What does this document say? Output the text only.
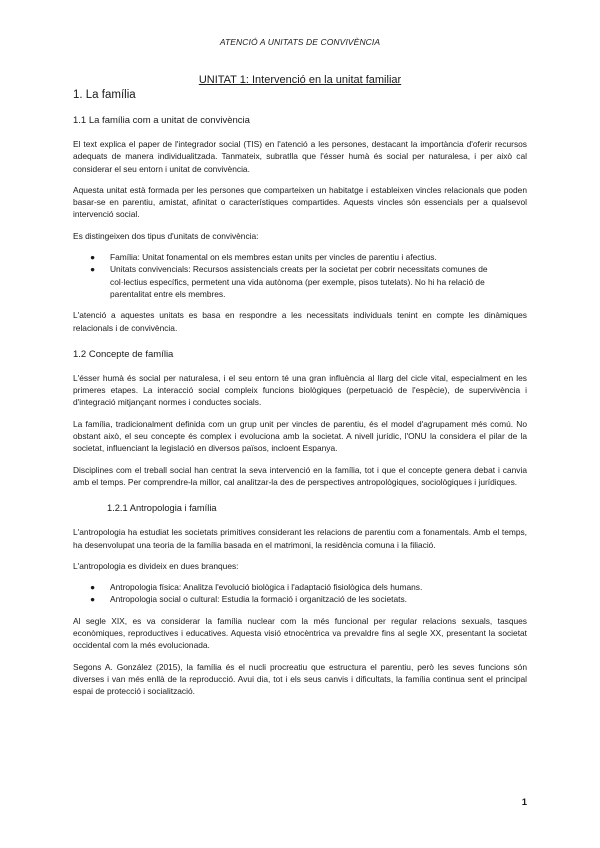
ATENCIÓ A UNITATS DE CONVIVÈNCIA
UNITAT 1: Intervenció en la unitat familiar
1. La família
1.1 La família com a unitat de convivència

El text explica el paper de l'integrador social (TIS) en l'atenció a les persones, destacant la importància d'oferir recursos adequats de manera individualitzada. Tanmateix, subratlla que l'ésser humà és social per naturalesa, i per això cal considerar el seu entorn i unitat de convivència.

Aquesta unitat està formada per les persones que comparteixen un habitatge i estableixen vincles relacionals que poden basar-se en parentiu, amistat, afinitat o característiques compartides. Aquests vincles són essencials per a qualsevol intervenció social.

Es distingeixen dos tipus d'unitats de convivència:

● Família: Unitat fonamental on els membres estan units per vincles de parentiu i afectius.
● Unitats convivencials: Recursos assistencials creats per la societat per cobrir necessitats comunes de col·lectius específics, permetent una vida autònoma (per exemple, pisos tutelats). No hi ha relació de parentalitat entre els membres.

L'atenció a aquestes unitats es basa en respondre a les necessitats individuals tenint en compte les dinàmiques relacionals i de convivència.

1.2 Concepte de família

L'ésser humà és social per naturalesa, i el seu entorn té una gran influència al llarg del cicle vital, especialment en les primeres etapes. La interacció social compleix funcions biològiques (perpetuació de l'espècie), de supervivència i d'integració mitjançant normes i conductes socials.

La família, tradicionalment definida com un grup unit per vincles de parentiu, és el model d'agrupament més comú. No obstant això, el seu concepte és complex i evoluciona amb la societat. A nivell jurídic, l'ONU la considera el pilar de la societat, influenciant la legislació en diversos països, incloent Espanya.

Disciplines com el treball social han centrat la seva intervenció en la família, tot i que el concepte genera debat i canvia amb el temps. Per comprendre-la millor, cal analitzar-la des de perspectives antropològiques, sociològiques i jurídiques.

1.2.1 Antropologia i família

L'antropologia ha estudiat les societats primitives considerant les relacions de parentiu com a fonamentals. Amb el temps, ha desenvolupat una teoria de la família basada en el matrimoni, la residència comuna i la filiació.

L'antropologia es divideix en dues branques:

● Antropologia física: Analitza l'evolució biològica i l'adaptació fisiològica dels humans.
● Antropologia social o cultural: Estudia la formació i organització de les societats.

Al segle XIX, es va considerar la família nuclear com la més funcional per regular relacions sexuals, tasques econòmiques, reproductives i educatives. Aquesta visió etnocèntrica va prevaldre fins al segle XX, presentant la societat occidental com la més evolucionada.

Segons A. González (2015), la família és el nucli procreatiu que estructura el parentiu, però les seves funcions són diverses i van més enllà de la reproducció. Avui dia, tot i els seus canvis i dificultats, la família continua sent el principal espai de protecció i socialització.

1
